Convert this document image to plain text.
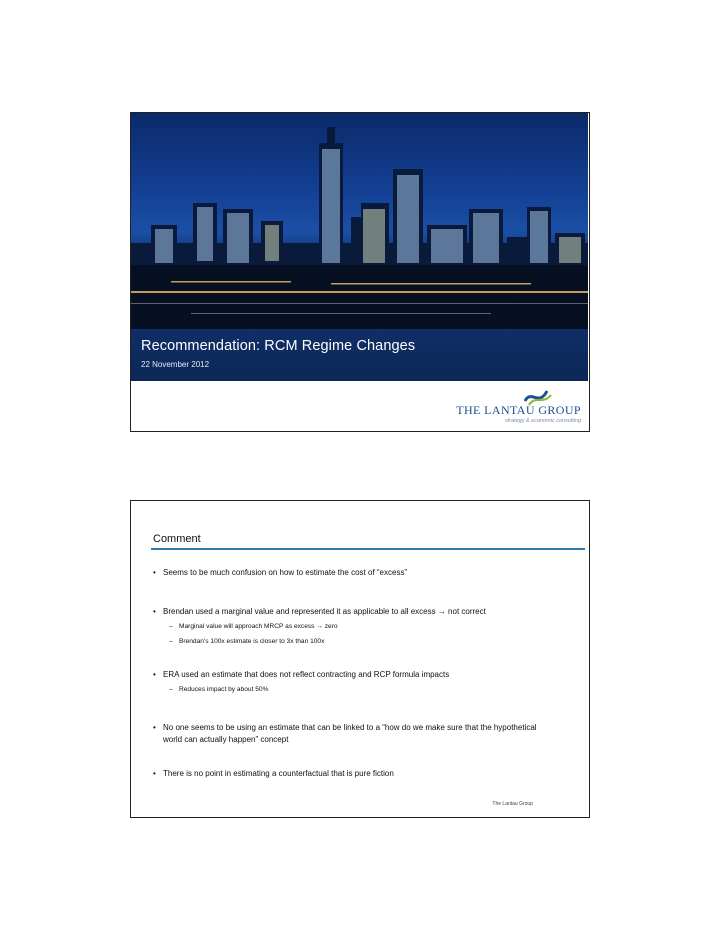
Recommendation: RCM Regime Changes
22 November 2012
THE LANTAU GROUP
strategy & economic consulting
Comment
• Seems to be much confusion on how to estimate the cost of “excess”
• Brendan used a marginal value and represented it as applicable to all excess → not correct
– Marginal value will approach MRCP as excess → zero
– Brendan’s 100x estimate is closer to 3x than 100x
• ERA used an estimate that does not reflect contracting and RCP formula impacts
– Reduces impact by about 50%
• No one seems to be using an estimate that can be linked to a “how do we make sure that the hypothetical world can actually happen” concept
• There is no point in estimating a counterfactual that is pure fiction
The Lantau Group
